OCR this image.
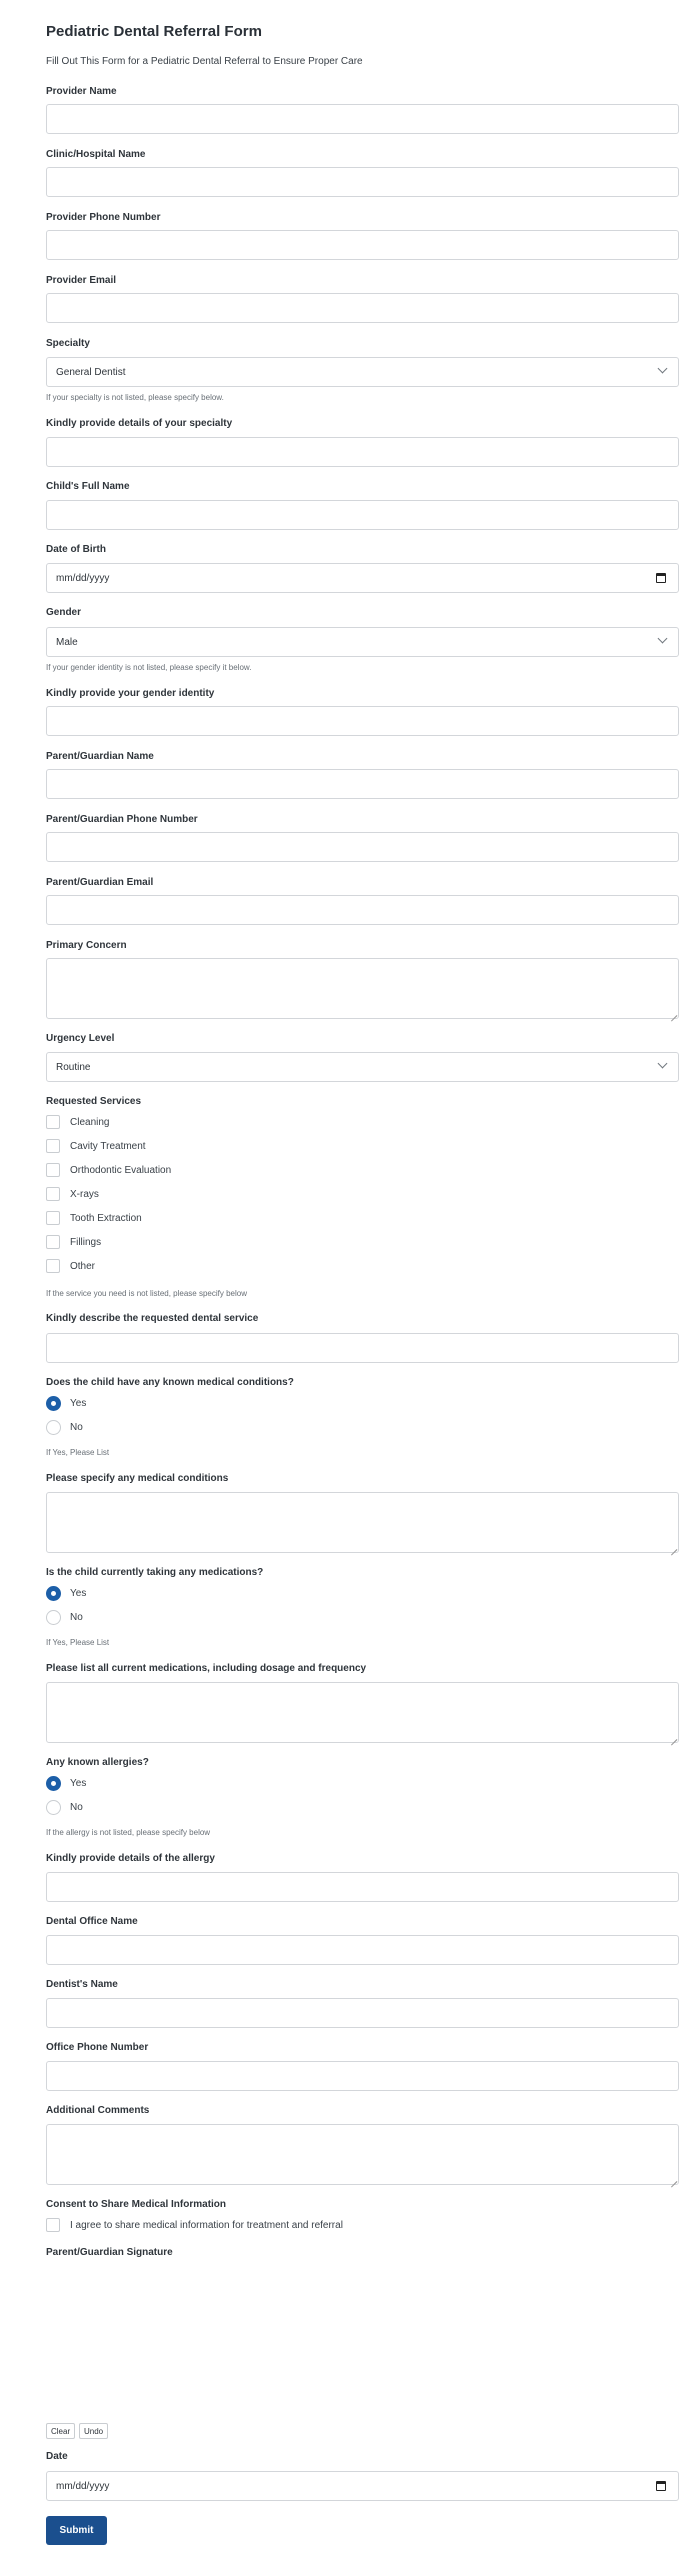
Pediatric Dental Referral Form
Fill Out This Form for a Pediatric Dental Referral to Ensure Proper Care
Provider Name
Clinic/Hospital Name
Provider Phone Number
Provider Email
Specialty
General Dentist
If your specialty is not listed, please specify below.
Kindly provide details of your specialty
Child's Full Name
Date of Birth
mm/dd/yyyy
Gender
Male
If your gender identity is not listed, please specify it below.
Kindly provide your gender identity
Parent/Guardian Name
Parent/Guardian Phone Number
Parent/Guardian Email
Primary Concern
Urgency Level
Routine
Requested Services
Cleaning
Cavity Treatment
Orthodontic Evaluation
X-rays
Tooth Extraction
Fillings
Other
If the service you need is not listed, please specify below
Kindly describe the requested dental service
Does the child have any known medical conditions?
Yes
No
If Yes, Please List
Please specify any medical conditions
Is the child currently taking any medications?
Yes
No
If Yes, Please List
Please list all current medications, including dosage and frequency
Any known allergies?
Yes
No
If the allergy is not listed, please specify below
Kindly provide details of the allergy
Dental Office Name
Dentist's Name
Office Phone Number
Additional Comments
Consent to Share Medical Information
I agree to share medical information for treatment and referral
Parent/Guardian Signature
Clear	Undo
Date
mm/dd/yyyy
Submit
